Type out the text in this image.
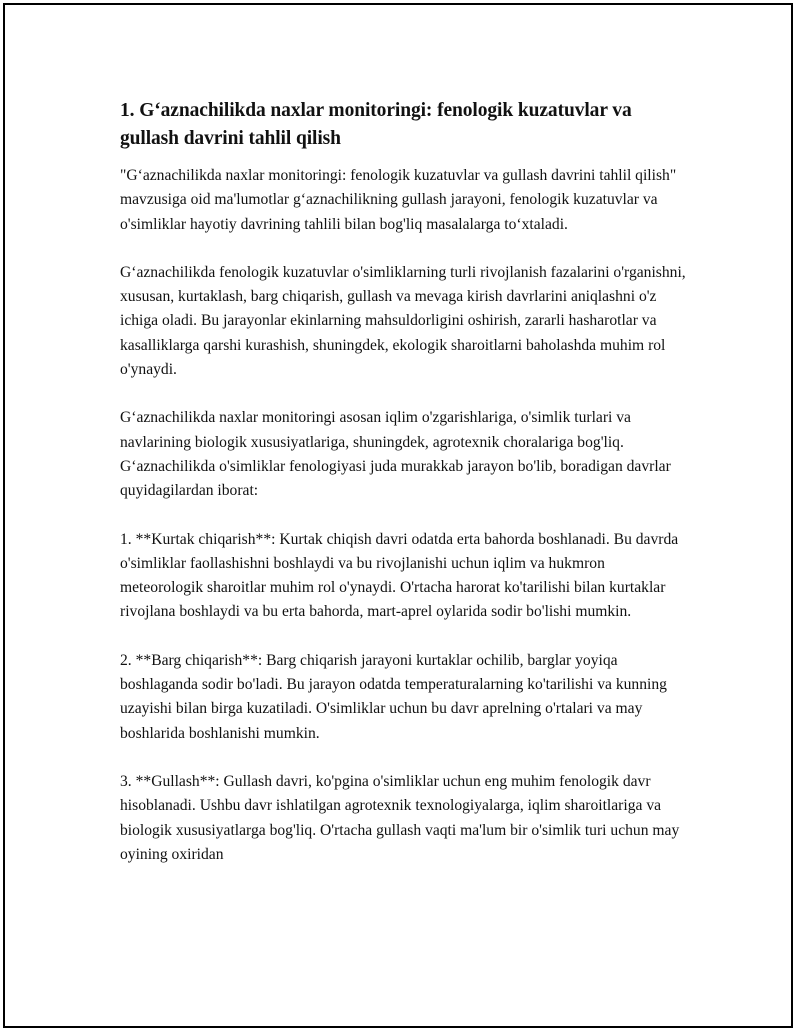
1. G‘aznachilikda naxlar monitoringi: fenologik kuzatuvlar va gullash davrini tahlil qilish

"G‘aznachilikda naxlar monitoringi: fenologik kuzatuvlar va gullash davrini tahlil qilish" mavzusiga oid ma'lumotlar g‘aznachilikning gullash jarayoni, fenologik kuzatuvlar va o'simliklar hayotiy davrining tahlili bilan bog'liq masalalarga to‘xtaladi.

G‘aznachilikda fenologik kuzatuvlar o'simliklarning turli rivojlanish fazalarini o'rganishni, xususan, kurtaklash, barg chiqarish, gullash va mevaga kirish davrlarini aniqlashni o'z ichiga oladi. Bu jarayonlar ekinlarning mahsuldorligini oshirish, zararli hasharotlar va kasalliklarga qarshi kurashish, shuningdek, ekologik sharoitlarni baholashda muhim rol o'ynaydi.

G‘aznachilikda naxlar monitoringi asosan iqlim o'zgarishlariga, o'simlik turlari va navlarining biologik xususiyatlariga, shuningdek, agrotexnik choralariga bog'liq. G‘aznachilikda o'simliklar fenologiyasi juda murakkab jarayon bo'lib, boradigan davrlar quyidagilardan iborat:

1. **Kurtak chiqarish**: Kurtak chiqish davri odatda erta bahorda boshlanadi. Bu davrda o'simliklar faollashishni boshlaydi va bu rivojlanishi uchun iqlim va hukmron meteorologik sharoitlar muhim rol o'ynaydi. O'rtacha harorat ko'tarilishi bilan kurtaklar rivojlana boshlaydi va bu erta bahorda, mart-aprel oylarida sodir bo'lishi mumkin.

2. **Barg chiqarish**: Barg chiqarish jarayoni kurtaklar ochilib, barglar yoyiqa boshlaganda sodir bo'ladi. Bu jarayon odatda temperaturalarning ko'tarilishi va kunning uzayishi bilan birga kuzatiladi. O'simliklar uchun bu davr aprelning o'rtalari va may boshlarida boshlanishi mumkin.

3. **Gullash**: Gullash davri, ko'pgina o'simliklar uchun eng muhim fenologik davr hisoblanadi. Ushbu davr ishlatilgan agrotexnik texnologiyalarga, iqlim sharoitlariga va biologik xususiyatlarga bog'liq. O'rtacha gullash vaqti ma'lum bir o'simlik turi uchun may oyining oxiridan
